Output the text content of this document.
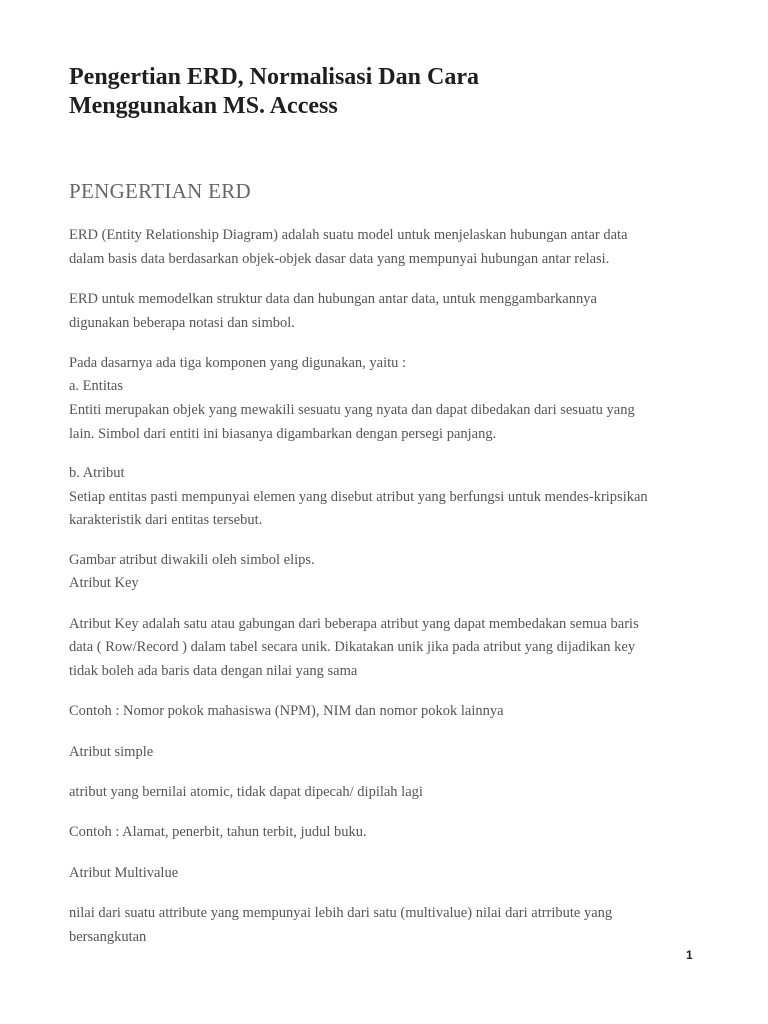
Pengertian ERD, Normalisasi Dan Cara
Menggunakan MS. Access
PENGERTIAN ERD

ERD (Entity Relationship Diagram) adalah suatu model untuk menjelaskan hubungan antar data

dalam basis data berdasarkan objek-objek dasar data yang mempunyai hubungan antar relasi.

ERD untuk memodelkan struktur data dan hubungan antar data, untuk menggambarkannya

digunakan beberapa notasi dan simbol.

Pada dasarnya ada tiga komponen yang digunakan, yaitu :

a. Entitas

Entiti merupakan objek yang mewakili sesuatu yang nyata dan dapat dibedakan dari sesuatu yang

lain. Simbol dari entiti ini biasanya digambarkan dengan persegi panjang.

b. Atribut

Setiap entitas pasti mempunyai elemen yang disebut atribut yang berfungsi untuk mendes-kripsikan

karakteristik dari entitas tersebut.

Gambar atribut diwakili oleh simbol elips.

Atribut Key

Atribut Key adalah satu atau gabungan dari beberapa atribut yang dapat membedakan semua baris

data ( Row/Record ) dalam tabel secara unik. Dikatakan unik jika pada atribut yang dijadikan key

tidak boleh ada baris data dengan nilai yang sama

Contoh : Nomor pokok mahasiswa (NPM), NIM dan nomor pokok lainnya

Atribut simple

atribut yang bernilai atomic, tidak dapat dipecah/ dipilah lagi

Contoh : Alamat, penerbit, tahun terbit, judul buku.

Atribut Multivalue

nilai dari suatu attribute yang mempunyai lebih dari satu (multivalue) nilai dari atrribute yang

bersangkutan

1
